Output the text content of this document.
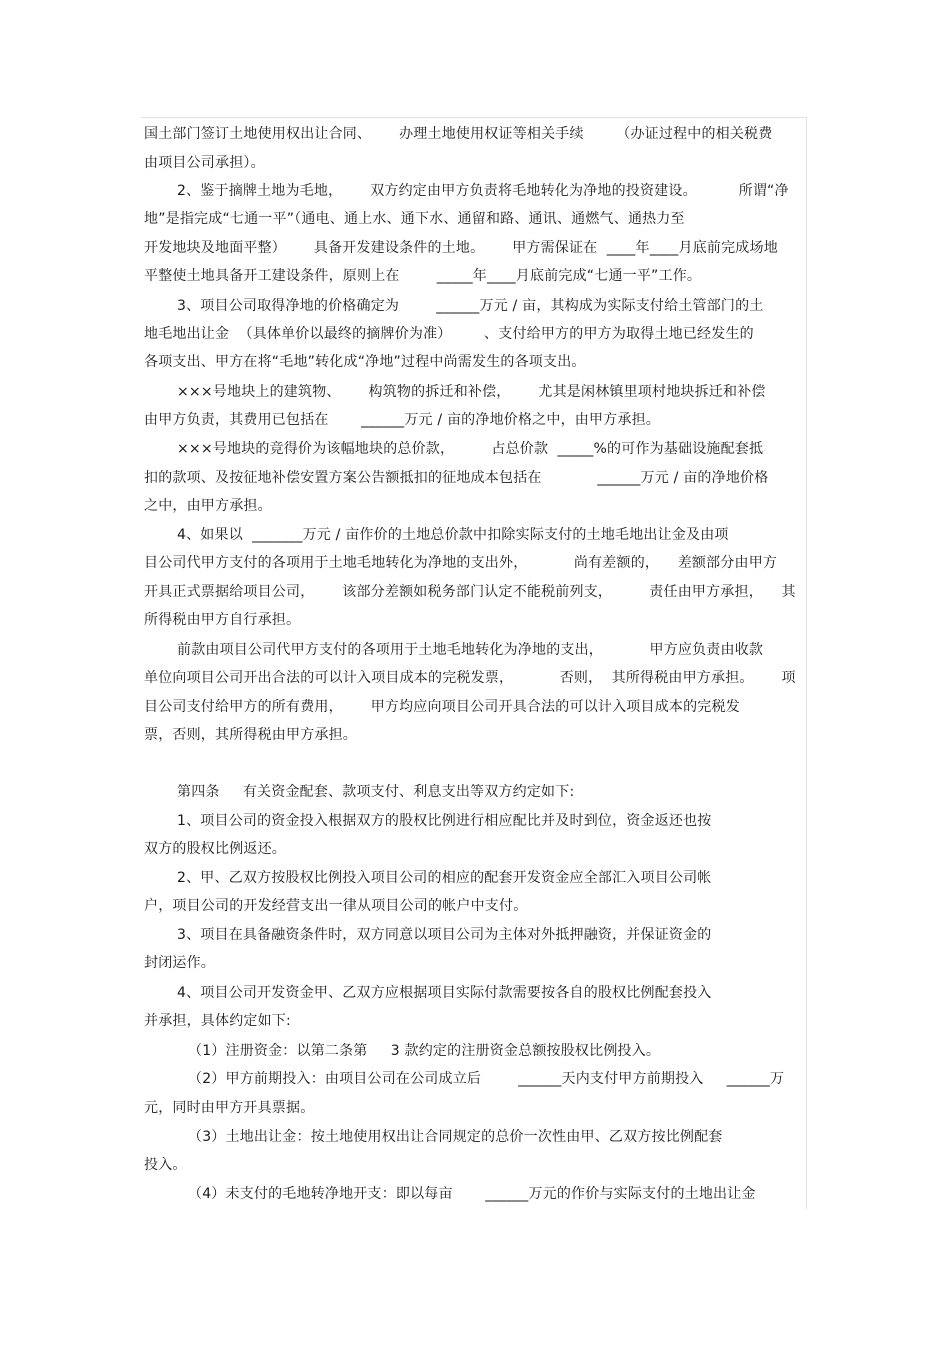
国土部门签订土地使用权出让合同、      办理土地使用权证等相关手续       （办证过程中的相关税费
由项目公司承担）。
2、鉴于摘牌土地为毛地，      双方约定由甲方负责将毛地转化为净地的投资建设。         所谓“净
地”是指完成“七通一平”（通电、通上水、通下水、通留和路、通讯、通燃气、通热力至
开发地块及地面平整）      具备开发建设条件的土地。      甲方需保证在  ____年____月底前完成场地
平整使土地具备开工建设条件，原则上在        _____年____月底前完成“七通一平”工作。
3、项目公司取得净地的价格确定为        ______万元 / 亩，其构成为实际支付给土管部门的土
地毛地出让金  （具体单价以最终的摘牌价为准）       、支付给甲方的甲方为取得土地已经发生的
各项支出、甲方在将“毛地”转化成“净地”过程中尚需发生的各项支出。
×××号地块上的建筑物、      构筑物的拆迁和补偿，      尤其是闲林镇里项村地块拆迁和补偿
由甲方负责，其费用已包括在       ______万元 / 亩的净地价格之中，由甲方承担。
×××号地块的竞得价为该幅地块的总价款，        占总价款  _____%的可作为基础设施配套抵
扣的款项、及按征地补偿安置方案公告额抵扣的征地成本包括在            ______万元 / 亩的净地价格
之中，由甲方承担。
4、如果以  _______万元 / 亩作价的土地总价款中扣除实际支付的土地毛地出让金及由项
目公司代甲方支付的各项用于土地毛地转化为净地的支出外，          尚有差额的，    差额部分由甲方
开具正式票据给项目公司，      该部分差额如税务部门认定不能税前列支，        责任由甲方承担，    其
所得税由甲方自行承担。
前款由项目公司代甲方支付的各项用于土地毛地转化为净地的支出，          甲方应负责由收款
单位向项目公司开出合法的可以计入项目成本的完税发票，          否则，  其所得税由甲方承担。      项
目公司支付给甲方的所有费用，      甲方均应向项目公司开具合法的可以计入项目成本的完税发
票，否则，其所得税由甲方承担。
第四条     有关资金配套、款项支付、利息支出等双方约定如下:
1、项目公司的资金投入根据双方的股权比例进行相应配比并及时到位，资金返还也按
双方的股权比例返还。
2、甲、乙双方按股权比例投入项目公司的相应的配套开发资金应全部汇入项目公司帐
户，项目公司的开发经营支出一律从项目公司的帐户中支付。
3、项目在具备融资条件时，双方同意以项目公司为主体对外抵押融资，并保证资金的
封闭运作。
4、项目公司开发资金甲、乙双方应根据项目实际付款需要按各自的股权比例配套投入
并承担，具体约定如下:
（1）注册资金：以第二条第     3 款约定的注册资金总额按股权比例投入。
（2）甲方前期投入：由项目公司在公司成立后        ______天内支付甲方前期投入     ______万
元，同时由甲方开具票据。
（3）土地出让金：按土地使用权出让合同规定的总价一次性由甲、乙双方按比例配套
投入。
（4）未支付的毛地转净地开支：即以每亩       ______万元的作价与实际支付的土地出让金
